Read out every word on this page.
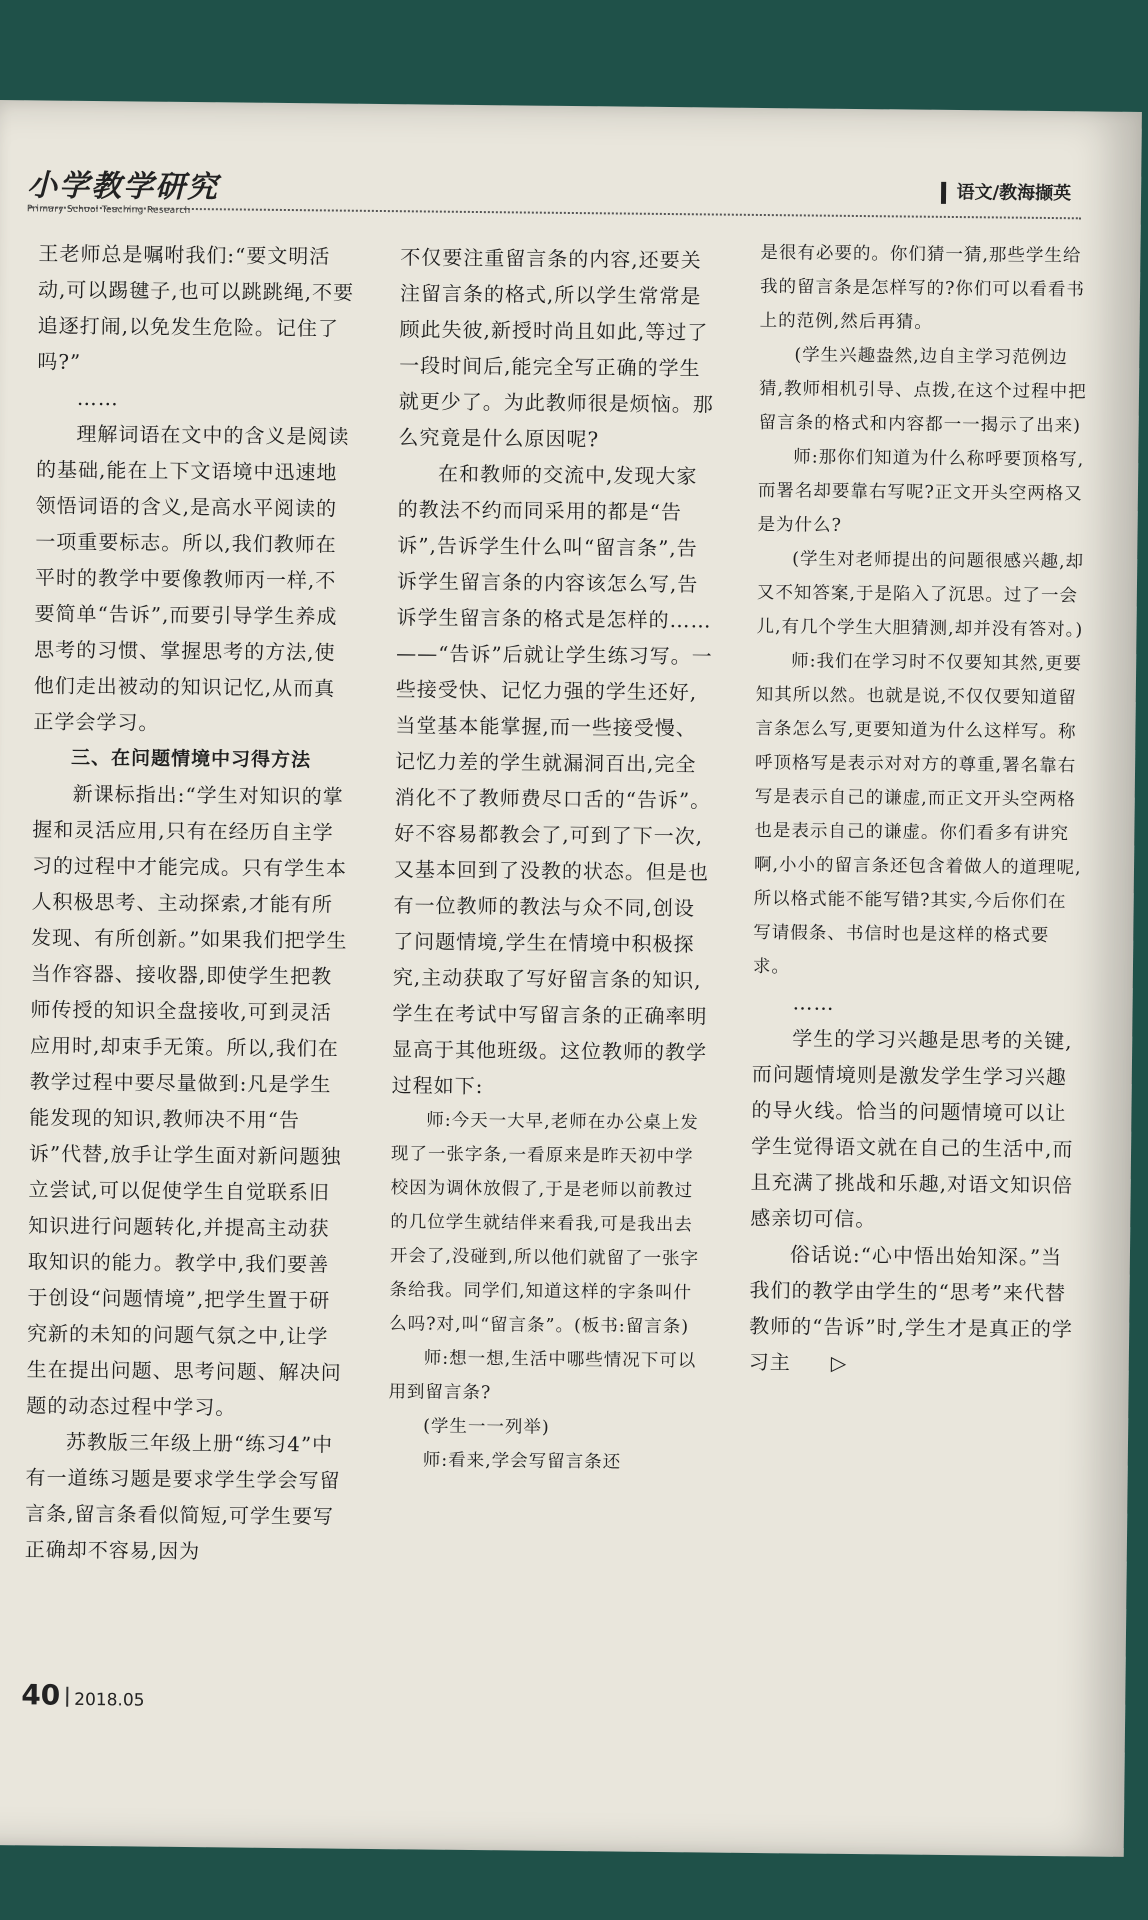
小学教学研究
Primary School Teaching Research
语文/教海撷英

王老师总是嘱咐我们:“要文明活动,可以踢毽子,也可以跳跳绳,不要追逐打闹,以免发生危险。记住了吗?”

……

理解词语在文中的含义是阅读的基础,能在上下文语境中迅速地领悟词语的含义,是高水平阅读的一项重要标志。所以,我们教师在平时的教学中要像教师丙一样,不要简单“告诉”,而要引导学生养成思考的习惯、掌握思考的方法,使他们走出被动的知识记忆,从而真正学会学习。

三、在问题情境中习得方法

新课标指出:“学生对知识的掌握和灵活应用,只有在经历自主学习的过程中才能完成。只有学生本人积极思考、主动探索,才能有所发现、有所创新。”如果我们把学生当作容器、接收器,即使学生把教师传授的知识全盘接收,可到灵活应用时,却束手无策。所以,我们在教学过程中要尽量做到:凡是学生能发现的知识,教师决不用“告诉”代替,放手让学生面对新问题独立尝试,可以促使学生自觉联系旧知识进行问题转化,并提高主动获取知识的能力。教学中,我们要善于创设“问题情境”,把学生置于研究新的未知的问题气氛之中,让学生在提出问题、思考问题、解决问题的动态过程中学习。

苏教版三年级上册“练习4”中有一道练习题是要求学生学会写留言条,留言条看似简短,可学生要写正确却不容易,因为

不仅要注重留言条的内容,还要关注留言条的格式,所以学生常常是顾此失彼,新授时尚且如此,等过了一段时间后,能完全写正确的学生就更少了。为此教师很是烦恼。那么究竟是什么原因呢?

在和教师的交流中,发现大家的教法不约而同采用的都是“告诉”,告诉学生什么叫“留言条”,告诉学生留言条的内容该怎么写,告诉学生留言条的格式是怎样的……——“告诉”后就让学生练习写。一些接受快、记忆力强的学生还好,当堂基本能掌握,而一些接受慢、记忆力差的学生就漏洞百出,完全消化不了教师费尽口舌的“告诉”。好不容易都教会了,可到了下一次,又基本回到了没教的状态。但是也有一位教师的教法与众不同,创设了问题情境,学生在情境中积极探究,主动获取了写好留言条的知识,学生在考试中写留言条的正确率明显高于其他班级。这位教师的教学过程如下:

师:今天一大早,老师在办公桌上发现了一张字条,一看原来是昨天初中学校因为调休放假了,于是老师以前教过的几位学生就结伴来看我,可是我出去开会了,没碰到,所以他们就留了一张字条给我。同学们,知道这样的字条叫什么吗?对,叫“留言条”。(板书:留言条)

师:想一想,生活中哪些情况下可以用到留言条?

(学生一一列举)

师:看来,学会写留言条还

是很有必要的。你们猜一猜,那些学生给我的留言条是怎样写的?你们可以看看书上的范例,然后再猜。

(学生兴趣盎然,边自主学习范例边猜,教师相机引导、点拨,在这个过程中把留言条的格式和内容都一一揭示了出来)

师:那你们知道为什么称呼要顶格写,而署名却要靠右写呢?正文开头空两格又是为什么?

(学生对老师提出的问题很感兴趣,却又不知答案,于是陷入了沉思。过了一会儿,有几个学生大胆猜测,却并没有答对。)

师:我们在学习时不仅要知其然,更要知其所以然。也就是说,不仅仅要知道留言条怎么写,更要知道为什么这样写。称呼顶格写是表示对对方的尊重,署名靠右写是表示自己的谦虚,而正文开头空两格也是表示自己的谦虚。你们看多有讲究啊,小小的留言条还包含着做人的道理呢,所以格式能不能写错?其实,今后你们在写请假条、书信时也是这样的格式要求。

……

学生的学习兴趣是思考的关键,而问题情境则是激发学生学习兴趣的导火线。恰当的问题情境可以让学生觉得语文就在自己的生活中,而且充满了挑战和乐趣,对语文知识倍感亲切可信。

俗话说:“心中悟出始知深。”当我们的教学由学生的“思考”来代替教师的“告诉”时,学生才是真正的学习主 ▷

40 2018.05
